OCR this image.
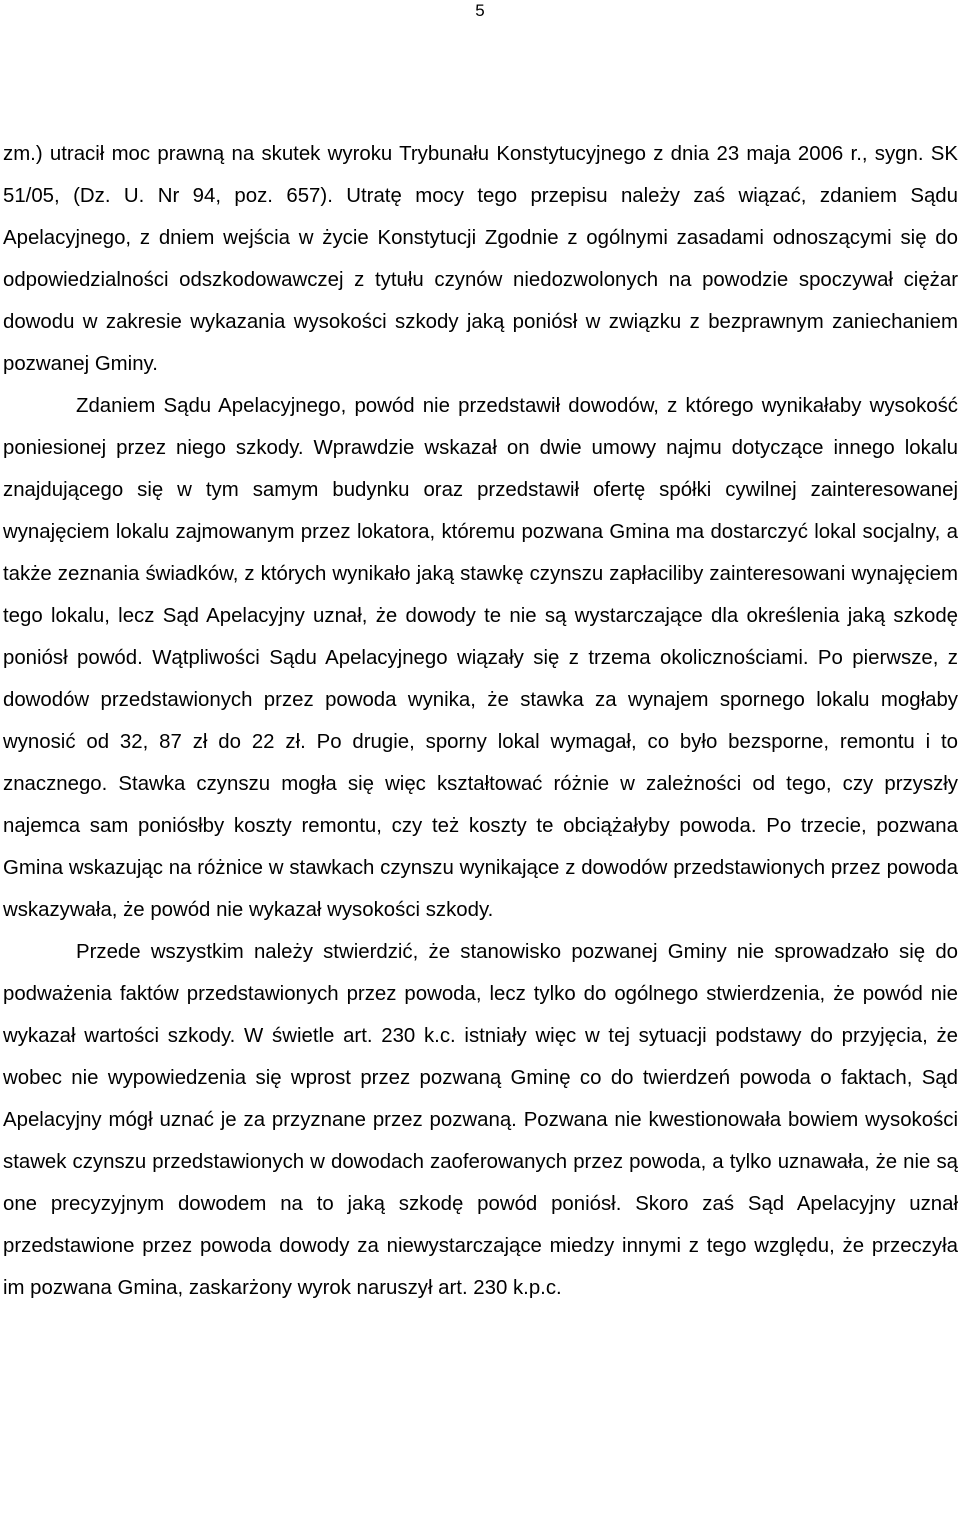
5

zm.) utracił moc prawną na skutek wyroku Trybunału Konstytucyjnego z dnia 23 maja 2006 r., sygn. SK 51/05, (Dz. U. Nr 94, poz. 657). Utratę mocy tego przepisu należy zaś wiązać, zdaniem Sądu Apelacyjnego, z dniem wejścia w życie Konstytucji Zgodnie z ogólnymi zasadami odnoszącymi się do odpowiedzialności odszkodowawczej z tytułu czynów niedozwolonych na powodzie spoczywał ciężar dowodu w zakresie wykazania wysokości szkody jaką poniósł w związku z bezprawnym zaniechaniem pozwanej Gminy.

Zdaniem Sądu Apelacyjnego, powód nie przedstawił dowodów, z którego wynikałaby wysokość poniesionej przez niego szkody. Wprawdzie wskazał on dwie umowy najmu dotyczące innego lokalu znajdującego się w tym samym budynku oraz przedstawił ofertę spółki cywilnej zainteresowanej wynajęciem lokalu zajmowanym przez lokatora, któremu pozwana Gmina ma dostarczyć lokal socjalny, a także zeznania świadków, z których wynikało jaką stawkę czynszu zapłaciliby zainteresowani wynajęciem tego lokalu, lecz Sąd Apelacyjny uznał, że dowody te nie są wystarczające dla określenia jaką szkodę poniósł powód. Wątpliwości Sądu Apelacyjnego wiązały się z trzema okolicznościami. Po pierwsze, z dowodów przedstawionych przez powoda wynika, że stawka za wynajem spornego lokalu mogłaby wynosić od 32, 87 zł do 22 zł. Po drugie, sporny lokal wymagał, co było bezsporne, remontu i to znacznego. Stawka czynszu mogła się więc kształtować różnie w zależności od tego, czy przyszły najemca sam poniósłby koszty remontu, czy też koszty te obciążałyby powoda. Po trzecie, pozwana Gmina wskazując na różnice w stawkach czynszu wynikające z dowodów przedstawionych przez powoda wskazywała, że powód nie wykazał wysokości szkody.

Przede wszystkim należy stwierdzić, że stanowisko pozwanej Gminy nie sprowadzało się do podważenia faktów przedstawionych przez powoda, lecz tylko do ogólnego stwierdzenia, że powód nie wykazał wartości szkody. W świetle art. 230 k.c. istniały więc w tej sytuacji podstawy do przyjęcia, że wobec nie wypowiedzenia się wprost przez pozwaną Gminę co do twierdzeń powoda o faktach, Sąd Apelacyjny mógł uznać je za przyznane przez pozwaną. Pozwana nie kwestionowała bowiem wysokości stawek czynszu przedstawionych w dowodach zaoferowanych przez powoda, a tylko uznawała, że nie są one precyzyjnym dowodem na to jaką szkodę powód poniósł. Skoro zaś Sąd Apelacyjny uznał przedstawione przez powoda dowody za niewystarczające miedzy innymi z tego względu, że przeczyła im pozwana Gmina, zaskarżony wyrok naruszył art. 230 k.p.c.
